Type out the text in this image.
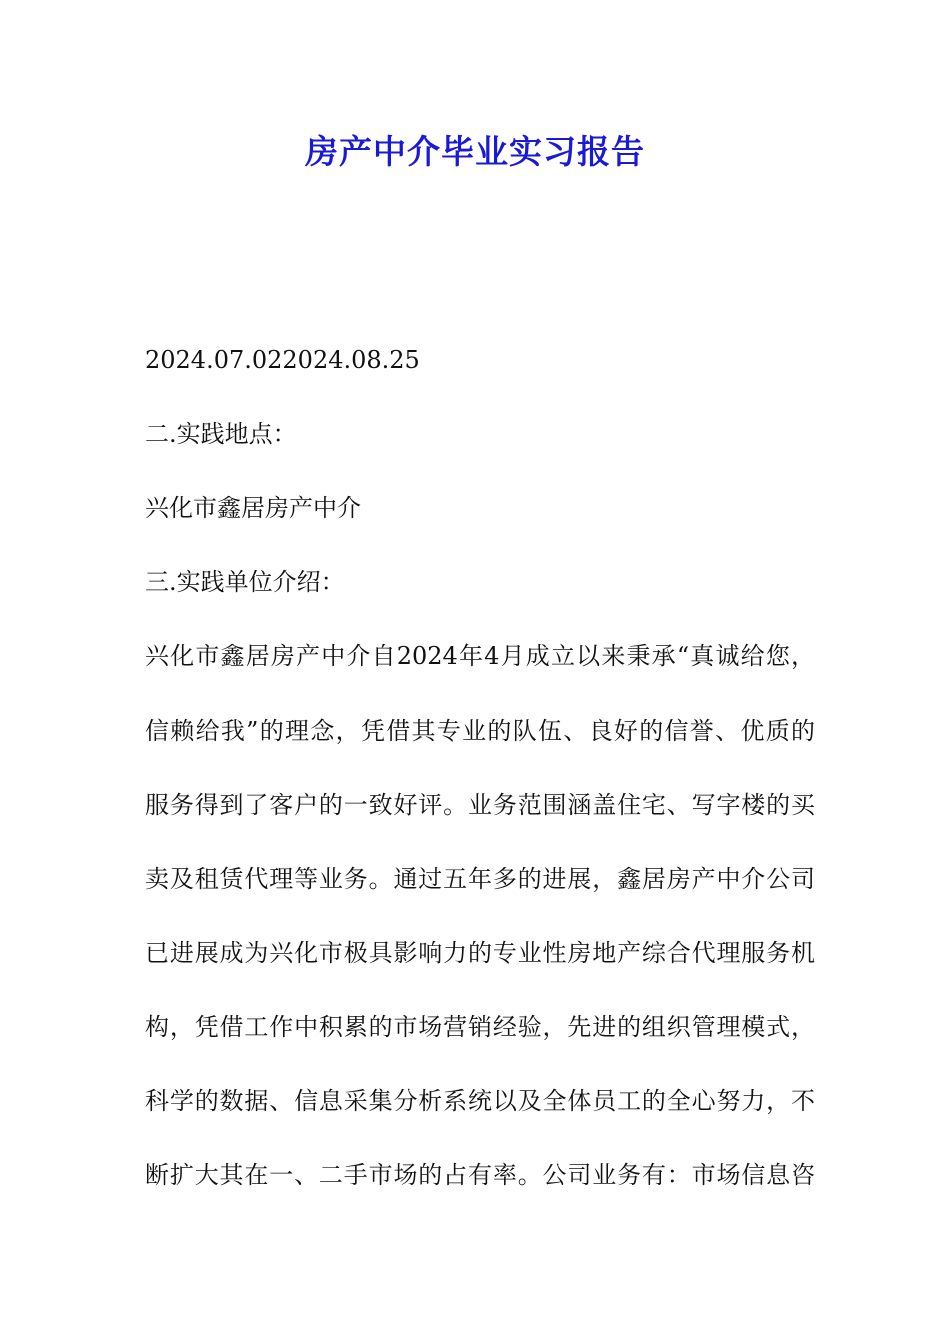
房产中介毕业实习报告

2024.07.022024.08.25

二.实践地点：

兴化市鑫居房产中介

三.实践单位介绍：

兴化市鑫居房产中介自2024年4月成立以来秉承“真诚给您，

信赖给我”的理念，凭借其专业的队伍、良好的信誉、优质的

服务得到了客户的一致好评。业务范围涵盖住宅、写字楼的买

卖及租赁代理等业务。通过五年多的进展，鑫居房产中介公司

已进展成为兴化市极具影响力的专业性房地产综合代理服务机

构，凭借工作中积累的市场营销经验，先进的组织管理模式，

科学的数据、信息采集分析系统以及全体员工的全心努力，不

断扩大其在一、二手市场的占有率。公司业务有：市场信息咨
